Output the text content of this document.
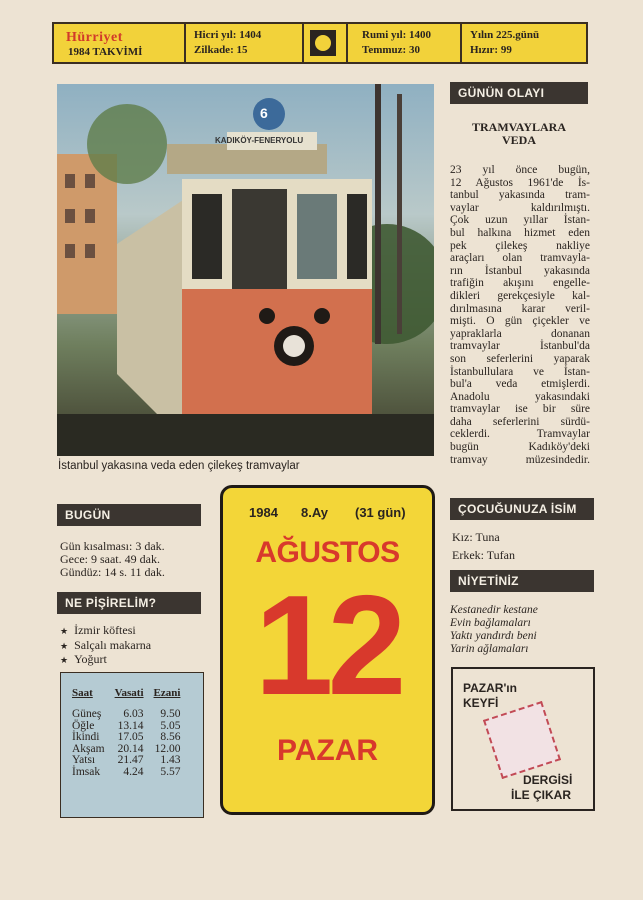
Hürriyet
1984 TAKVİMİ
Hicri yıl: 1404
Zilkade: 15
Rumi yıl: 1400
Temmuz: 30
Yılın 225.günü
Hızır: 99
6
KADIKÖY-FENERYOLU
İstanbul yakasına veda eden çilekeş tramvaylar
GÜNÜN OLAYI
TRAMVAYLARA
VEDA
23 yıl önce bugün,
12 Ağustos 1961'de İs-
tanbul yakasında tram-
vaylar kaldırılmıştı.
Çok uzun yıllar İstan-
bul halkına hizmet eden
pek çilekeş nakliye
araçları olan tramvayla-
rın İstanbul yakasında
trafiğin akışını engelle-
dikleri gerekçesiyle kal-
dırılmasına karar veril-
mişti. O gün çiçekler ve
yapraklarla donanan
tramvaylar İstanbul'da
son seferlerini yaparak
İstanbullulara ve İstan-
bul'a veda etmişlerdi.
Anadolu yakasındaki
tramvaylar ise bir süre
daha seferlerini sürdü-
ceklerdi. Tramvaylar
bugün Kadıköy'deki
tramvay müzesindedir.
BUGÜN
Gün kısalması: 3 dak.
Gece: 9 saat. 49 dak.
Gündüz: 14 s. 11 dak.
NE PİŞİRELİM?
★ İzmir köftesi
★ Salçalı makarna
★ Yoğurt
Saat	Vasati	Ezani
Güneş	6.03	9.50
Öğle	13.14	5.05
İkindi	17.05	8.56
Akşam	20.14	12.00
Yatsı	21.47	1.43
İmsak	4.24	5.57
1984 8.Ay (31 gün)
AĞUSTOS
12
PAZAR
ÇOCUĞUNUZA İSİM
Kız: Tuna
Erkek: Tufan
NİYETİNİZ
Kestanedir kestane
Evin bağlamaları
Yaktı yandırdı beni
Yarin ağlamaları
PAZAR'ın
KEYFİ
DERGİSİ
İLE ÇIKAR
